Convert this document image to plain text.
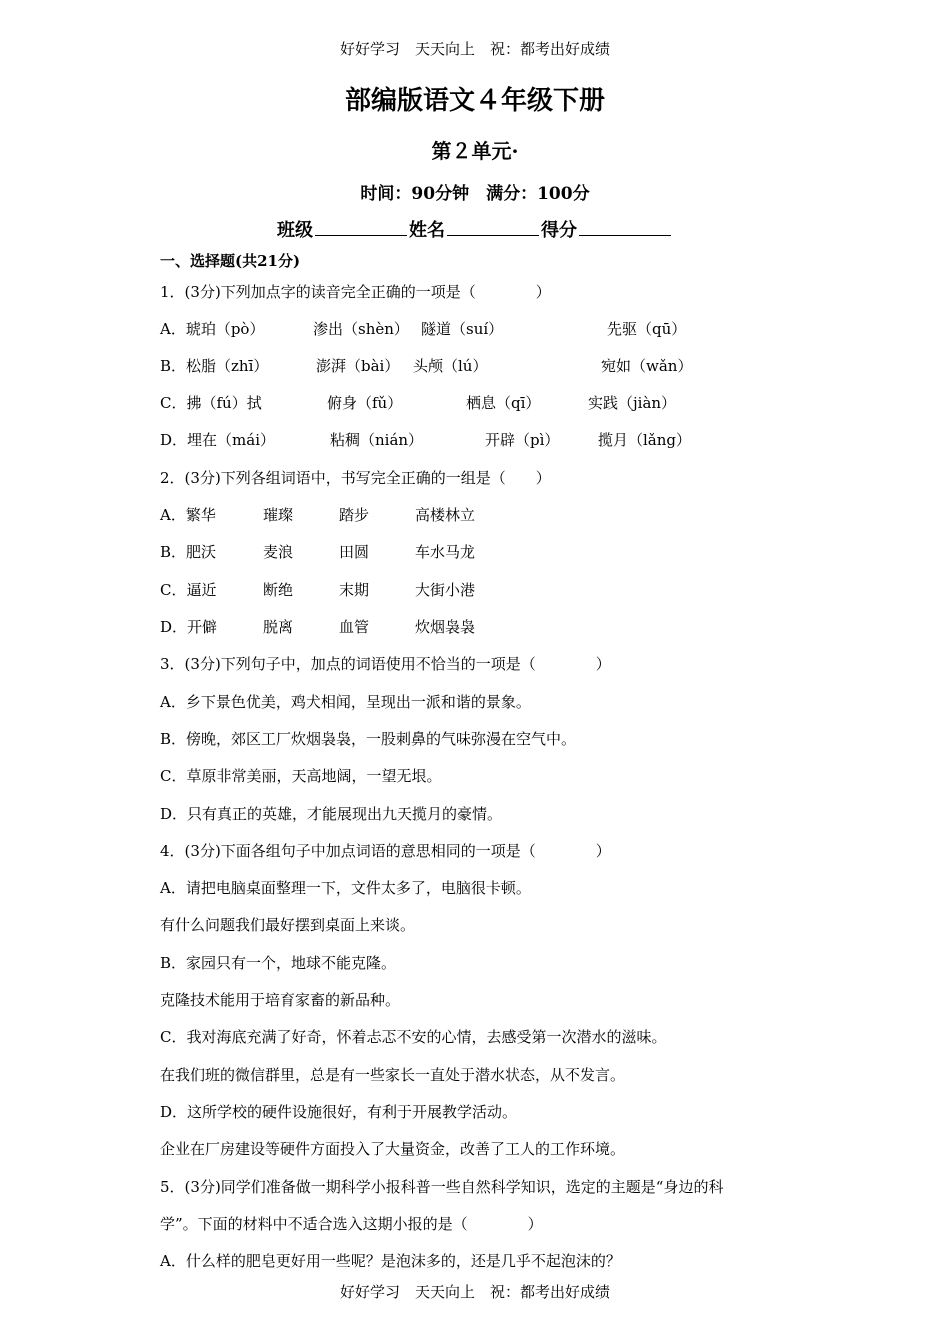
好好学习　天天向上　祝：都考出好成绩
部编版语文４年级下册
第２单元·
时间：90分钟　满分：100分
班级	姓名	得分
一、选择题(共21分)
1．(3分)下列加点字的读音完全正确的一项是（　　　　）
A．琥珀（pò）	渗出（shèn） 隧道（suí）	先驱（qū）
B．松脂（zhī）	澎湃（bài） 头颅（lú）	宛如（wǎn）
C．拂（fú）拭	俯身（fǔ）	栖息（qī）	实践（jiàn）
D．埋在（mái）	粘稠（nián）	开辟（pì）	揽月（lǎng）
2．(3分)下列各组词语中，书写完全正确的一组是（　　）
A．繁华	璀璨	踏步	高楼林立
B．肥沃	麦浪	田圆	车水马龙
C．逼近	断绝	末期	大街小港
D．开僻	脱离	血管	炊烟袅袅
3．(3分)下列句子中，加点的词语使用不恰当的一项是（　　　　）
A．乡下景色优美，鸡犬相闻，呈现出一派和谐的景象。
B．傍晚，郊区工厂炊烟袅袅，一股刺鼻的气味弥漫在空气中。
C．草原非常美丽，天高地阔，一望无垠。
D．只有真正的英雄，才能展现出九天揽月的豪情。
4．(3分)下面各组句子中加点词语的意思相同的一项是（　　　　）
A．请把电脑桌面整理一下，文件太多了，电脑很卡顿。
有什么问题我们最好摆到桌面上来谈。
B．家园只有一个，地球不能克隆。
克隆技术能用于培育家畜的新品种。
C．我对海底充满了好奇，怀着忐忑不安的心情，去感受第一次潜水的滋味。
在我们班的微信群里，总是有一些家长一直处于潜水状态，从不发言。
D．这所学校的硬件设施很好，有利于开展教学活动。
企业在厂房建设等硬件方面投入了大量资金，改善了工人的工作环境。
5．(3分)同学们准备做一期科学小报科普一些自然科学知识，选定的主题是“身边的科
学”。下面的材料中不适合选入这期小报的是（　　　　）
A．什么样的肥皂更好用一些呢？是泡沫多的，还是几乎不起泡沫的？
好好学习　天天向上　祝：都考出好成绩
